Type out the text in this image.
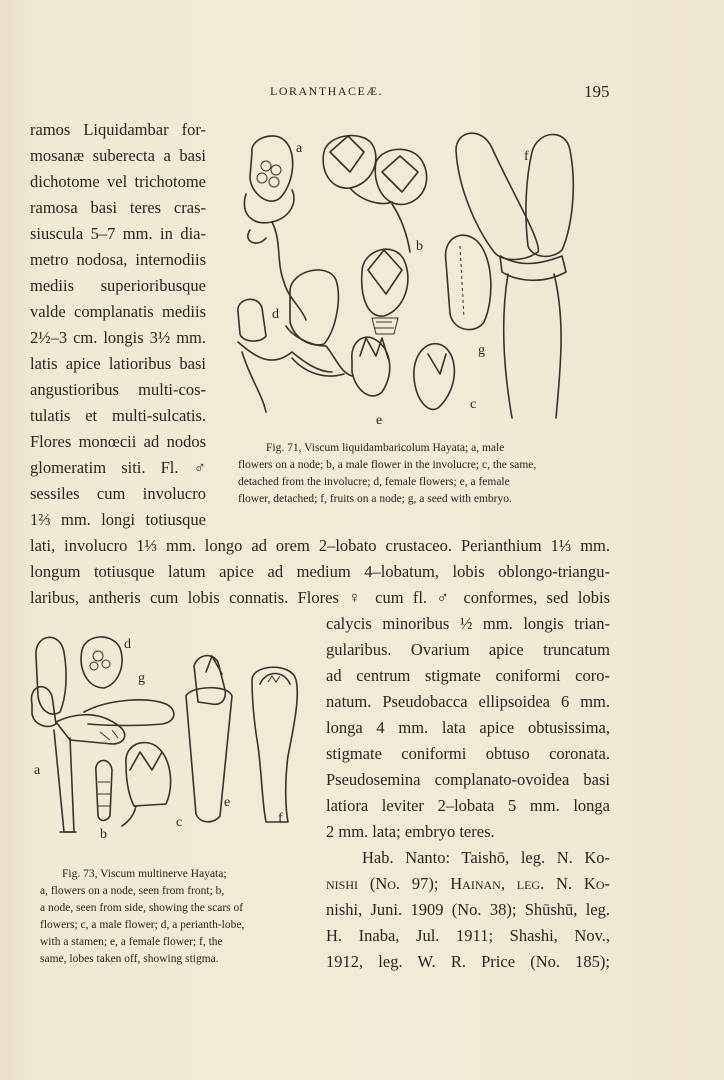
LORANTHACEÆ.	195
ramos Liquidambar for-
mosanæ suberecta a basi
dichotome vel trichotome
ramosa basi teres cras-
siuscula 5–7 mm. in dia-
metro nodosa, internodiis
mediis superioribusque
valde complanatis mediis
2½–3 cm. longis 3½ mm.
latis apice latioribus basi
angustioribus multi-cos-
tulatis et multi-sulcatis.
Flores monœcii ad nodos
glomeratim siti. Fl. ♂
sessiles cum involucro
1⅔ mm. longi totiusque
a
b
c
d
e
f
g
Fig. 71, Viscum liquidambaricolum Hayata; a, male
flowers on a node; b, a male flower in the involucre; c, the same,
detached from the involucre; d, female flowers; e, a female
flower, detached; f, fruits on a node; g, a seed with embryo.
lati, involucro 1⅓ mm. longo ad orem 2–lobato crustaceo. Perianthium 1⅓ mm.
longum totiusque latum apice ad medium 4–lobatum, lobis oblongo-triangu-
laribus, antheris cum lobis connatis. Flores ♀ cum fl. ♂ conformes, sed lobis
d
g
a
b
c
e
f
Fig. 73, Viscum multinerve Hayata;
a, flowers on a node, seen from front; b,
a node, seen from side, showing the scars of
flowers; c, a male flower; d, a perianth-lobe,
with a stamen; e, a female flower; f, the
same, lobes taken off, showing stigma.
calycis minoribus ½ mm. longis trian-
gularibus. Ovarium apice truncatum
ad centrum stigmate coniformi coro-
natum. Pseudobacca ellipsoidea 6 mm.
longa 4 mm. lata apice obtusissima,
stigmate coniformi obtuso coronata.
Pseudosemina complanato-ovoidea basi
latiora leviter 2–lobata 5 mm. longa
2 mm. lata; embryo teres.
Hab. Nanto: Taishō, leg. N. Ko-
nishi (No. 97); Hainan, leg. N. Ko-
nishi, Juni. 1909 (No. 38); Shūshū, leg.
H. Inaba, Jul. 1911; Shashi, Nov.,
1912, leg. W. R. Price (No. 185);
